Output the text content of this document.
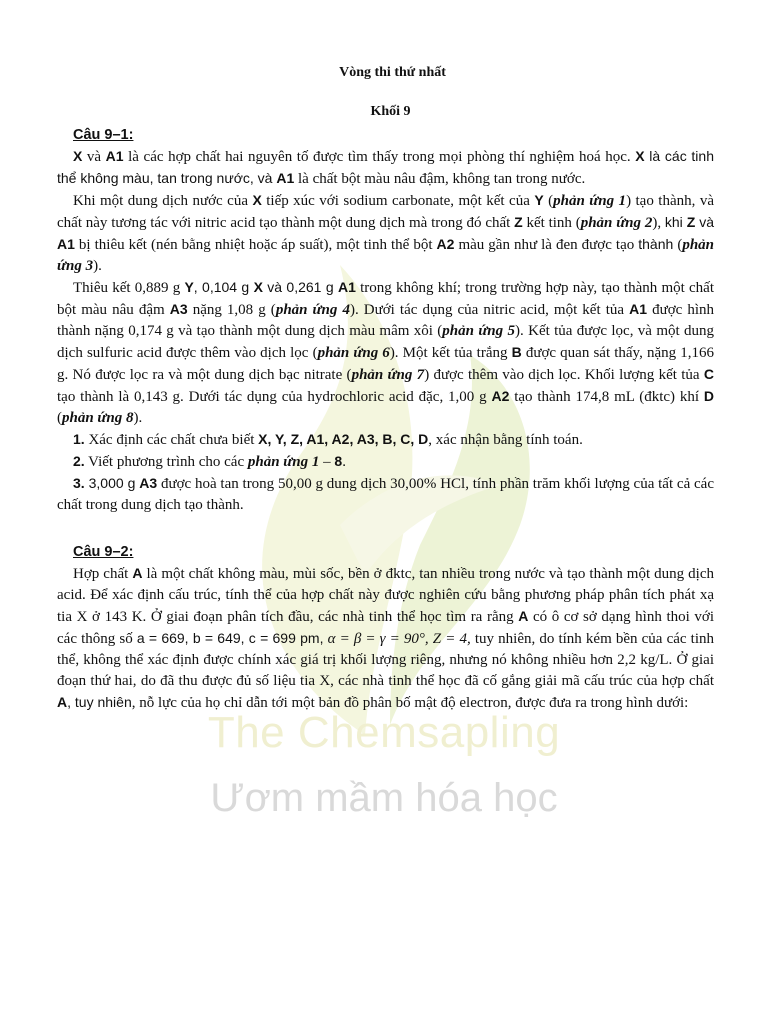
The Chemsapling
Ươm mầm hóa học
Vòng thi thứ nhất
Khối 9
Câu 9–1:

X và A1 là các hợp chất hai nguyên tố được tìm thấy trong mọi phòng thí nghiệm hoá học. X là các tinh thể không màu, tan trong nước, và A1 là chất bột màu nâu đậm, không tan trong nước.

Khi một dung dịch nước của X tiếp xúc với sodium carbonate, một kết của Y (phản ứng 1) tạo thành, và chất này tương tác với nitric acid tạo thành một dung dịch mà trong đó chất Z kết tinh (phản ứng 2), khi Z và A1 bị thiêu kết (nén bằng nhiệt hoặc áp suất), một tinh thể bột A2 màu gần như là đen được tạo thành (phản ứng 3).

Thiêu kết 0,889 g Y, 0,104 g X và 0,261 g A1 trong không khí; trong trường hợp này, tạo thành một chất bột màu nâu đậm A3 nặng 1,08 g (phản ứng 4). Dưới tác dụng của nitric acid, một kết tủa A1 được hình thành nặng 0,174 g và tạo thành một dung dịch màu mâm xôi (phản ứng 5). Kết tủa được lọc, và một dung dịch sulfuric acid được thêm vào dịch lọc (phản ứng 6). Một kết tủa trắng B được quan sát thấy, nặng 1,166 g. Nó được lọc ra và một dung dịch bạc nitrate (phản ứng 7) được thêm vào dịch lọc. Khối lượng kết tủa C tạo thành là 0,143 g. Dưới tác dụng của hydrochloric acid đặc, 1,00 g A2 tạo thành 174,8 mL (đktc) khí D (phản ứng 8).

1. Xác định các chất chưa biết X, Y, Z, A1, A2, A3, B, C, D, xác nhận bằng tính toán.

2. Viết phương trình cho các phản ứng 1 – 8.

3. 3,000 g A3 được hoà tan trong 50,00 g dung dịch 30,00% HCl, tính phần trăm khối lượng của tất cả các chất trong dung dịch tạo thành.

Câu 9–2:

Hợp chất A là một chất không màu, mùi sốc, bền ở đktc, tan nhiều trong nước và tạo thành một dung dịch acid. Để xác định cấu trúc, tính thể của hợp chất này được nghiên cứu bằng phương pháp phân tích phát xạ tia X ở 143 K. Ở giai đoạn phân tích đầu, các nhà tinh thể học tìm ra rằng A có ô cơ sở dạng hình thoi với các thông số a = 669, b = 649, c = 699 pm, α = β = γ = 90°, Z = 4, tuy nhiên, do tính kém bền của các tinh thể, không thể xác định được chính xác giá trị khối lượng riêng, nhưng nó không nhiều hơn 2,2 kg/L. Ở giai đoạn thứ hai, do đã thu được đủ số liệu tia X, các nhà tinh thể học đã cố gắng giải mã cấu trúc của hợp chất A, tuy nhiên, nỗ lực của họ chỉ dẫn tới một bản đồ phân bố mật độ electron, được đưa ra trong hình dưới:
